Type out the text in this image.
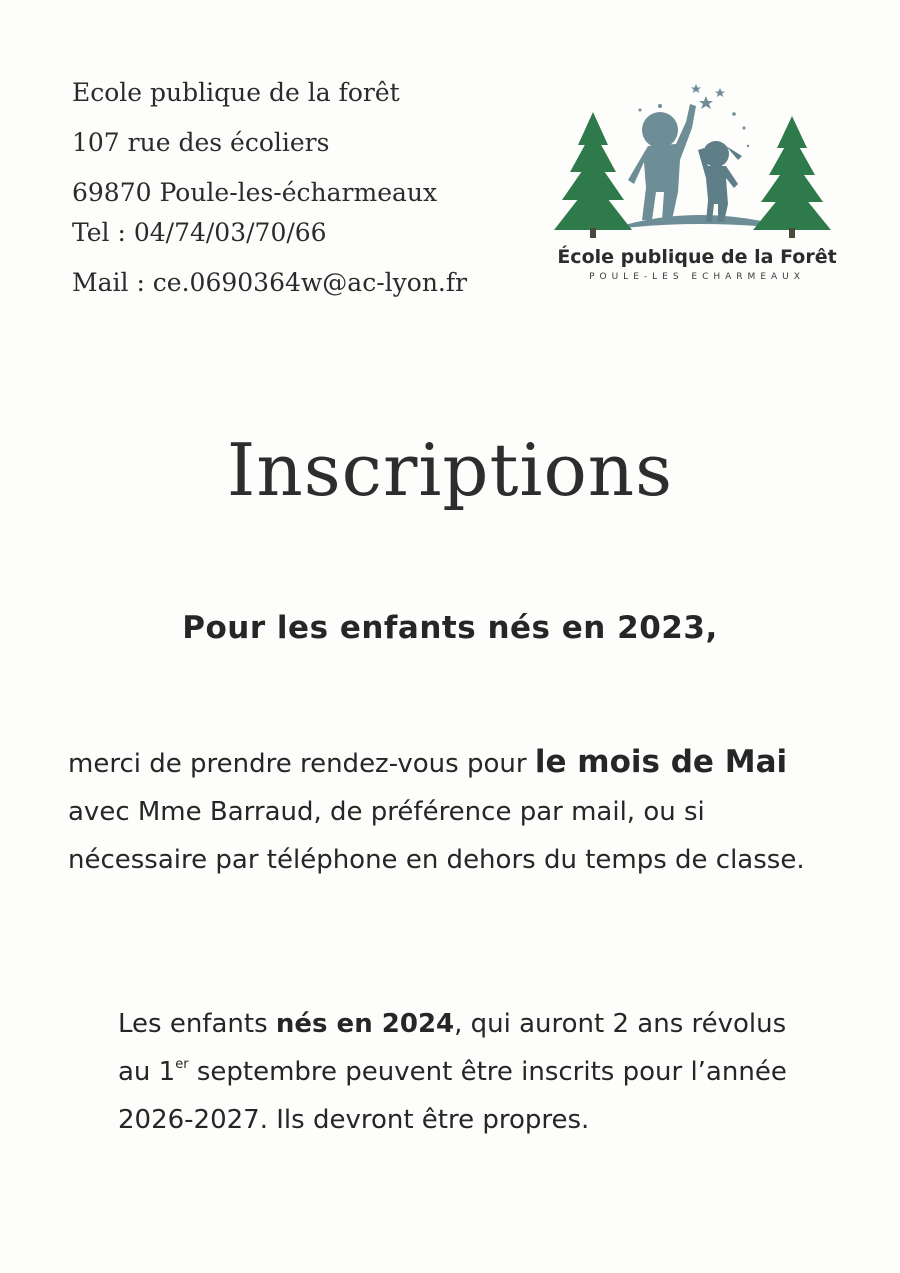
Ecole publique de la forêt
107 rue des écoliers
69870 Poule-les-écharmeaux
Tel : 04/74/03/70/66
Mail : ce.0690364w@ac-lyon.fr
École publique de la Forêt
POULE-LES ECHARMEAUX
Inscriptions
Pour les enfants nés en 2023,
merci de prendre rendez-vous pour le mois de Mai
avec Mme Barraud, de préférence par mail, ou si
nécessaire par téléphone en dehors du temps de classe.
Les enfants nés en 2024, qui auront 2 ans révolus
au 1er septembre peuvent être inscrits pour l’année
2026-2027. Ils devront être propres.
